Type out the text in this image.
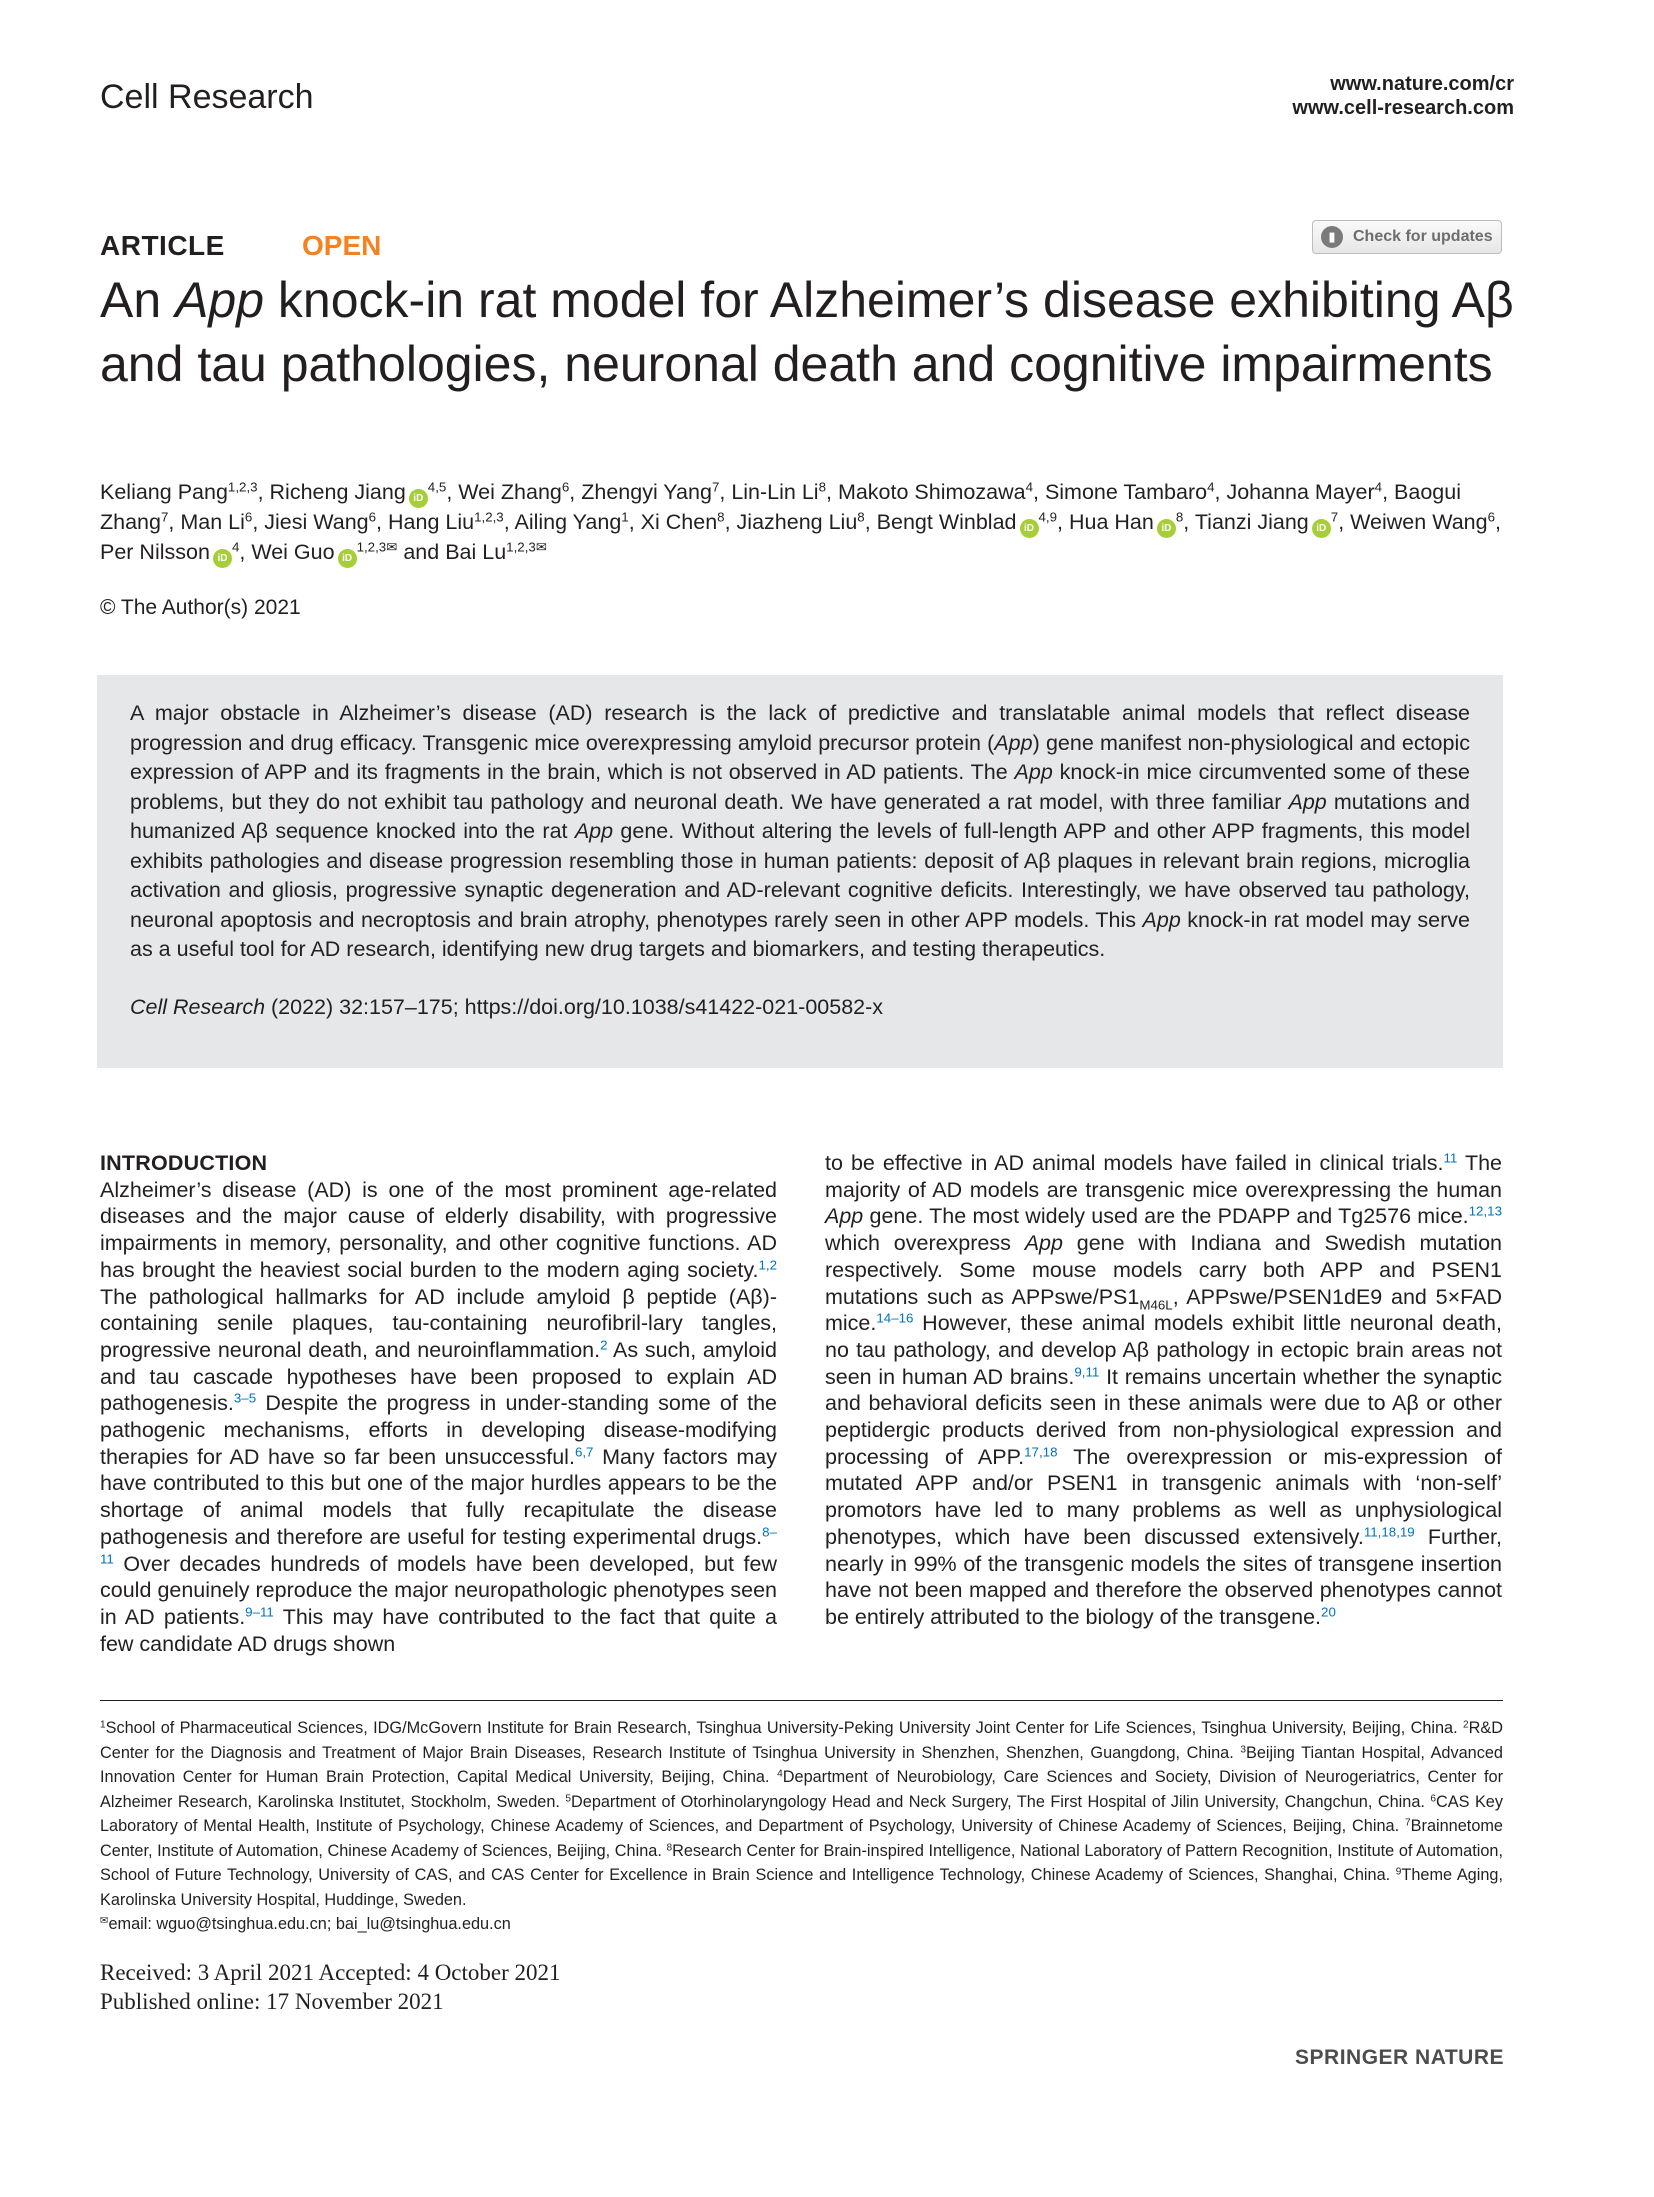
Cell Research	www.nature.com/cr
www.cell-research.com
ARTICLE	OPEN	▮	Check for updates
An App knock-in rat model for Alzheimer’s disease exhibiting Aβ and tau pathologies, neuronal death and cognitive impairments
Keliang Pang$^{1,2,3}$, Richeng Jiang iD$^{4,5}$, Wei Zhang$^6$, Zhengyi Yang$^7$, Lin-Lin Li$^8$, Makoto Shimozawa$^4$, Simone Tambaro$^4$, Johanna Mayer$^4$, Baogui Zhang$^7$, Man Li$^6$, Jiesi Wang$^6$, Hang Liu$^{1,2,3}$, Ailing Yang$^1$, Xi Chen$^8$, Jiazheng Liu$^8$, Bengt Winblad iD$^{4,9}$, Hua Han $iD^8$, Tianzi Jiang $iD^7$, Weiwen Wang$^6$, Per Nilsson $iD^4$, Wei Guo $iD^{1,2,3✉}$ and Bai $Lu^{1,2,3✉}$
© The Author(s) 2021
A major obstacle in Alzheimer’s disease (AD) research is the lack of predictive and translatable animal models that reflect disease progression and drug efficacy. Transgenic mice overexpressing amyloid precursor protein (App) gene manifest non-physiological and ectopic expression of APP and its fragments in the brain, which is not observed in AD patients. The App knock-in mice circumvented some of these problems, but they do not exhibit tau pathology and neuronal death. We have generated a rat model, with three familiar App mutations and humanized Aβ sequence knocked into the rat App gene. Without altering the levels of full-length APP and other APP fragments, this model exhibits pathologies and disease progression resembling those in human patients: deposit of Aβ plaques in relevant brain regions, microglia activation and gliosis, progressive synaptic degeneration and AD-relevant cognitive deficits. Interestingly, we have observed tau pathology, neuronal apoptosis and necroptosis and brain atrophy, phenotypes rarely seen in other APP models. This App knock-in rat model may serve as a useful tool for AD research, identifying new drug targets and biomarkers, and testing therapeutics.
Cell Research (2022) 32:157–175; https://doi.org/10.1038/s41422-021-00582-x
INTRODUCTION
Alzheimer’s disease (AD) is one of the most prominent age-related diseases and the major cause of elderly disability, with progressive impairments in memory, personality, and other cognitive functions. AD has brought the heaviest social burden to the modern aging society.$^{1,2}$ The pathological hallmarks for AD include amyloid β peptide (Aβ)-containing senile plaques, tau-containing neurofibril-lary tangles, progressive neuronal death, and neuroinflammation.$^2$ As such, amyloid and tau cascade hypotheses have been proposed to explain AD pathogenesis.$^{3-5}$ Despite the progress in under-standing some of the pathogenic mechanisms, efforts in developing disease-modifying therapies for AD have so far been unsuccessful.$^{6,7}$ Many factors may have contributed to this but one of the major hurdles appears to be the shortage of animal models that fully recapitulate the disease pathogenesis and therefore are useful for testing experimental drugs.$^{8-11}$ Over decades hundreds of models have been developed, but few could genuinely reproduce the major neuropathologic phenotypes seen in AD patients.$^{9-11}$ This may have contributed to the fact that quite a few candidate AD drugs shown
to be effective in AD animal models have failed in clinical trials.$^{11}$ The majority of AD models are transgenic mice overexpressing the human App gene. The most widely used are the PDAPP and Tg2576 mice.$^{12,13}$ which overexpress App gene with Indiana and Swedish mutation respectively. Some mouse models carry both APP and PSEN1 mutations such as APPswe/$PS1_{M46L}$, APPswe/PSEN1dE9 and 5×FAD mice.$^{14-16}$ However, these animal models exhibit little neuronal death, no tau pathology, and develop Aβ pathology in ectopic brain areas not seen in human AD brains.$^{9,11}$ It remains uncertain whether the synaptic and behavioral deficits seen in these animals were due to Aβ or other peptidergic products derived from non-physiological expression and processing of APP.$^{17,18}$ The overexpression or mis-expression of mutated APP and/or PSEN1 in transgenic animals with ‘non-self’ promotors have led to many problems as well as unphysiological phenotypes, which have been discussed extensively.$^{11,18,19}$ Further, nearly in 99% of the transgenic models the sites of transgene insertion have not been mapped and therefore the observed phenotypes cannot be entirely attributed to the biology of the transgene.$^{20}$
$^1$School of Pharmaceutical Sciences, IDG/McGovern Institute for Brain Research, Tsinghua University-Peking University Joint Center for Life Sciences, Tsinghua University, Beijing, China. $^2$R&D Center for the Diagnosis and Treatment of Major Brain Diseases, Research Institute of Tsinghua University in Shenzhen, Shenzhen, Guangdong, China. $^3$Beijing Tiantan Hospital, Advanced Innovation Center for Human Brain Protection, Capital Medical University, Beijing, China. $^4$Department of Neurobiology, Care Sciences and Society, Division of Neurogeriatrics, Center for Alzheimer Research, Karolinska Institutet, Stockholm, Sweden. $^5$Department of Otorhinolaryngology Head and Neck Surgery, The First Hospital of Jilin University, Changchun, China. $^6$CAS Key Laboratory of Mental Health, Institute of Psychology, Chinese Academy of Sciences, and Department of Psychology, University of Chinese Academy of Sciences, Beijing, China. $^7$Brainnetome Center, Institute of Automation, Chinese Academy of Sciences, Beijing, China. $^8$Research Center for Brain-inspired Intelligence, National Laboratory of Pattern Recognition, Institute of Automation, School of Future Technology, University of CAS, and CAS Center for Excellence in Brain Science and Intelligence Technology, Chinese Academy of Sciences, Shanghai, China. $^9$Theme Aging, Karolinska University Hospital, Huddinge, Sweden.
✉email: wguo@tsinghua.edu.cn; bai_lu@tsinghua.edu.cn
Received: 3 April 2021 Accepted: 4 October 2021
Published online: 17 November 2021
SPRINGER NATURE
